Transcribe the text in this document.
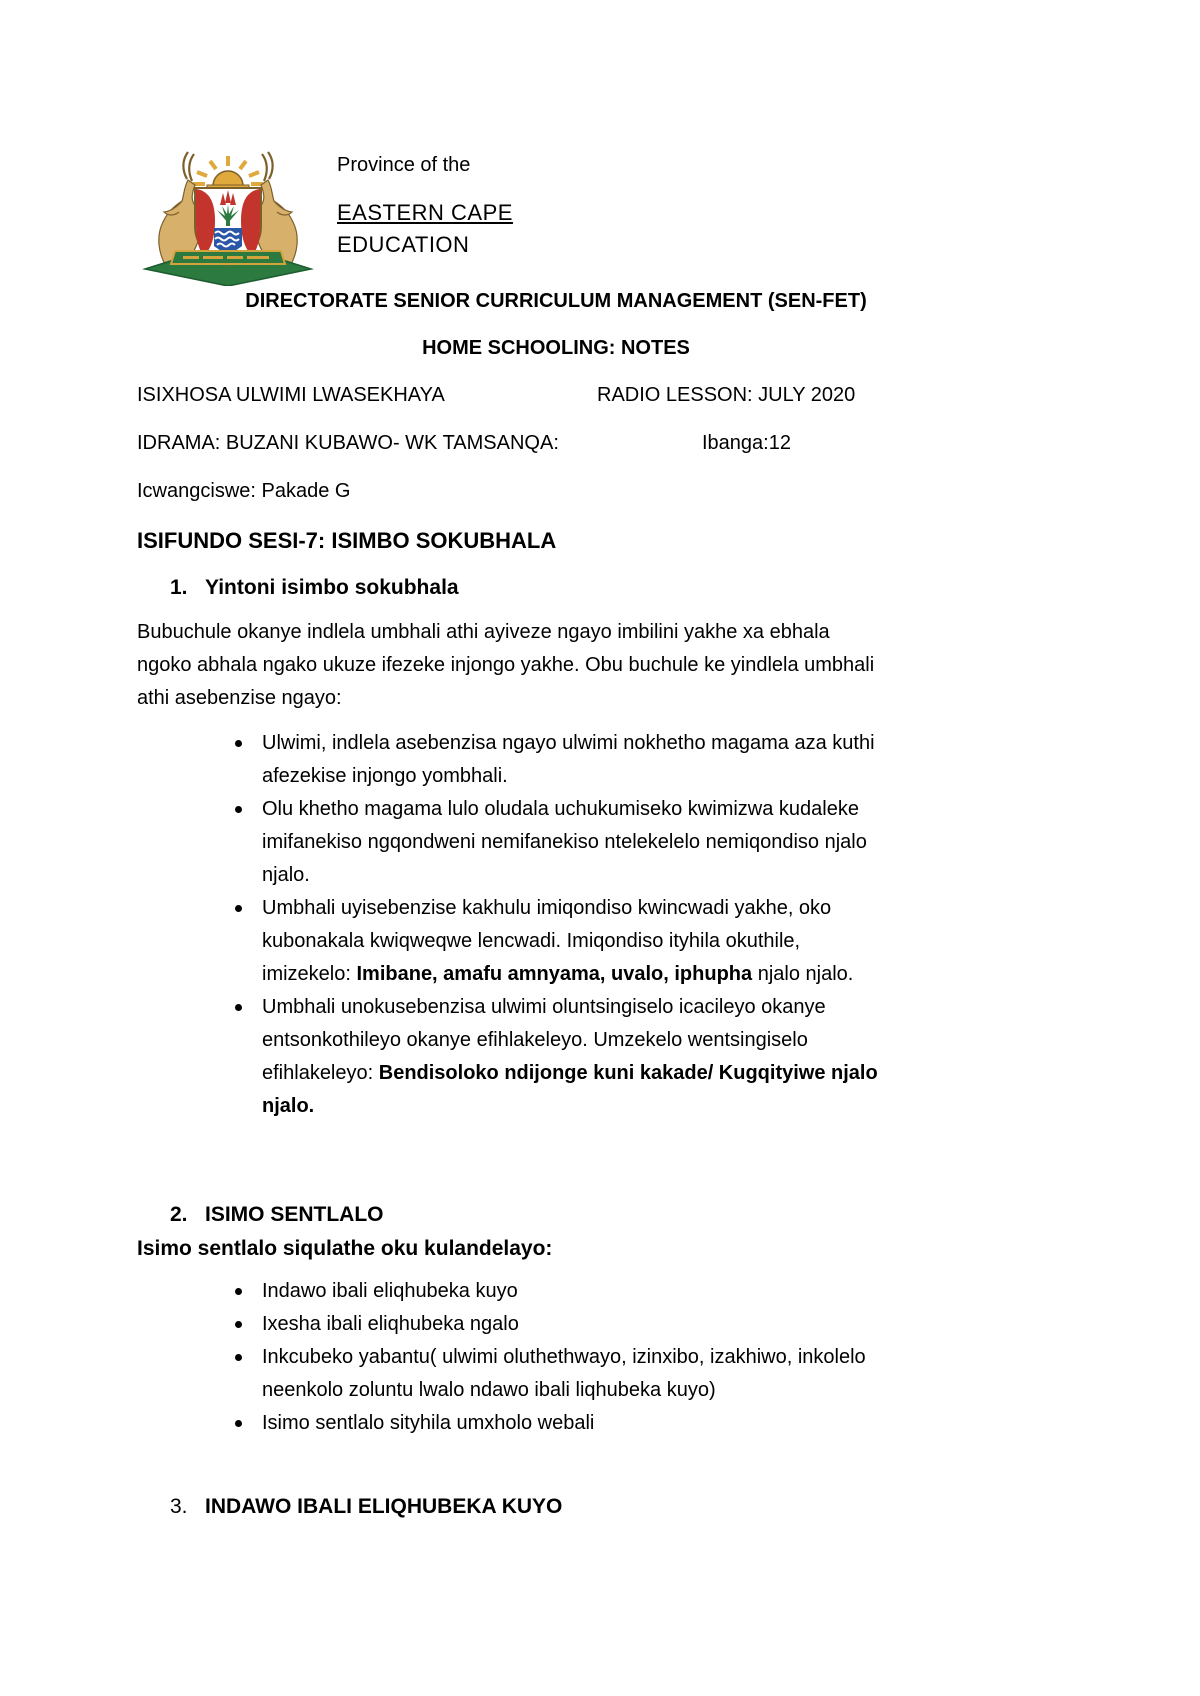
Province of the
EASTERN CAPE
EDUCATION
DIRECTORATE SENIOR CURRICULUM MANAGEMENT (SEN-FET)
HOME SCHOOLING: NOTES
ISIXHOSA ULWIMI LWASEKHAYA	RADIO LESSON: JULY 2020
IDRAMA: BUZANI KUBAWO- WK TAMSANQA:	Ibanga:12
Icwangciswe: Pakade G
ISIFUNDO SESI-7: ISIMBO SOKUBHALA
1. Yintoni isimbo sokubhala
Bubuchule okanye indlela umbhali athi ayiveze ngayo imbilini yakhe xa ebhala
ngoko abhala ngako ukuze ifezeke injongo yakhe. Obu buchule ke yindlela umbhali
athi asebenzise ngayo:
Ulwimi, indlela asebenzisa ngayo ulwimi nokhetho magama aza kuthi
afezekise injongo yombhali.
Olu khetho magama lulo oludala uchukumiseko kwimizwa kudaleke
imifanekiso ngqondweni nemifanekiso ntelekelelo nemiqondiso njalo
njalo.
Umbhali uyisebenzise kakhulu imiqondiso kwincwadi yakhe, oko
kubonakala kwiqweqwe lencwadi. Imiqondiso ityhila okuthile,
imizekelo: Imibane, amafu amnyama, uvalo, iphupha njalo njalo.
Umbhali unokusebenzisa ulwimi oluntsingiselo icacileyo okanye
entsonkothileyo okanye efihlakeleyo. Umzekelo wentsingiselo
efihlakeleyo: Bendisoloko ndijonge kuni kakade/ Kugqityiwe njalo
njalo.
2. ISIMO SENTLALO
Isimo sentlalo siqulathe oku kulandelayo:
Indawo ibali eliqhubeka kuyo
Ixesha ibali eliqhubeka ngalo
Inkcubeko yabantu( ulwimi oluthethwayo, izinxibo, izakhiwo, inkolelo
neenkolo zoluntu lwalo ndawo ibali liqhubeka kuyo)
Isimo sentlalo sityhila umxholo webali
3. INDAWO IBALI ELIQHUBEKA KUYO
